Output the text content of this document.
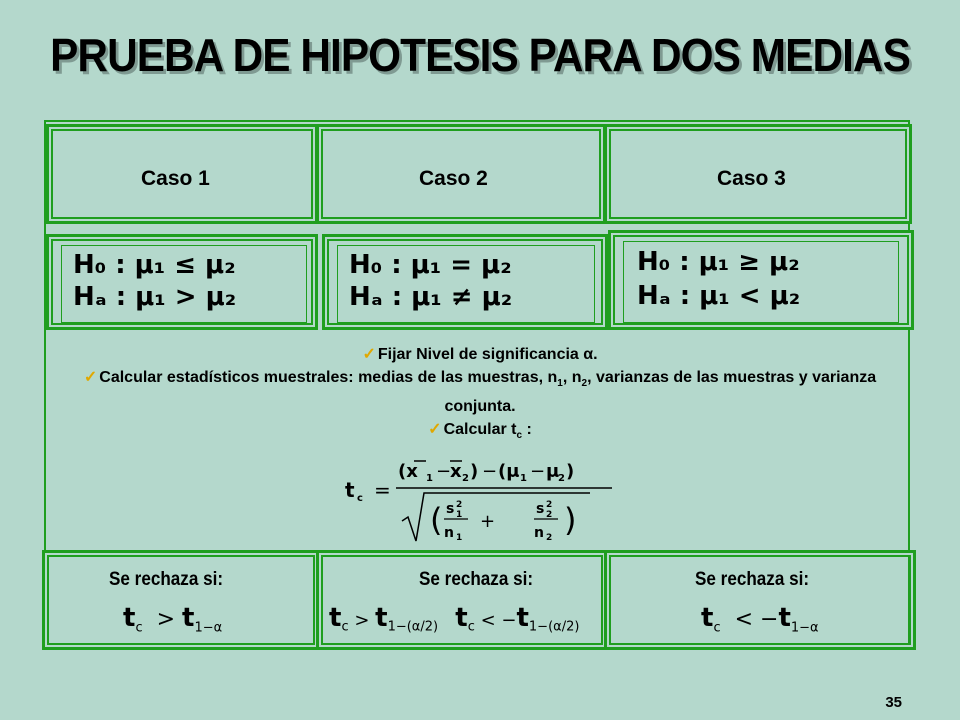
PRUEBA DE HIPOTESIS PARA DOS MEDIAS
Caso 1	Caso 2	Caso 3
H₀ : μ₁ ≤ μ₂
Hₐ : μ₁ > μ₂
H₀ : μ₁ = μ₂
Hₐ : μ₁ ≠ μ₂
H₀ : μ₁ ≥ μ₂
Hₐ : μ₁ < μ₂
✓ Fijar Nivel de significancia α.
✓ Calcular estadísticos muestrales: medias de las muestras, $n_1$, $n_2$, varianzas de las muestras y varianza conjunta.
✓ Calcular $t_c$ :
t c =
(x 1 −
x 2 ) − (μ 1 − μ
2 )
( s 2
1
n 1
+
s 2
2
n 2 )
Se rechaza si:
$t_c > t_{1-\alpha}$
Se rechaza si:
$t_c > t_{1-(\alpha/2)}$ $t_c < -t_{1-(\alpha/2)}$
Se rechaza si:
$t_c < -t_{1-\alpha}$
35
